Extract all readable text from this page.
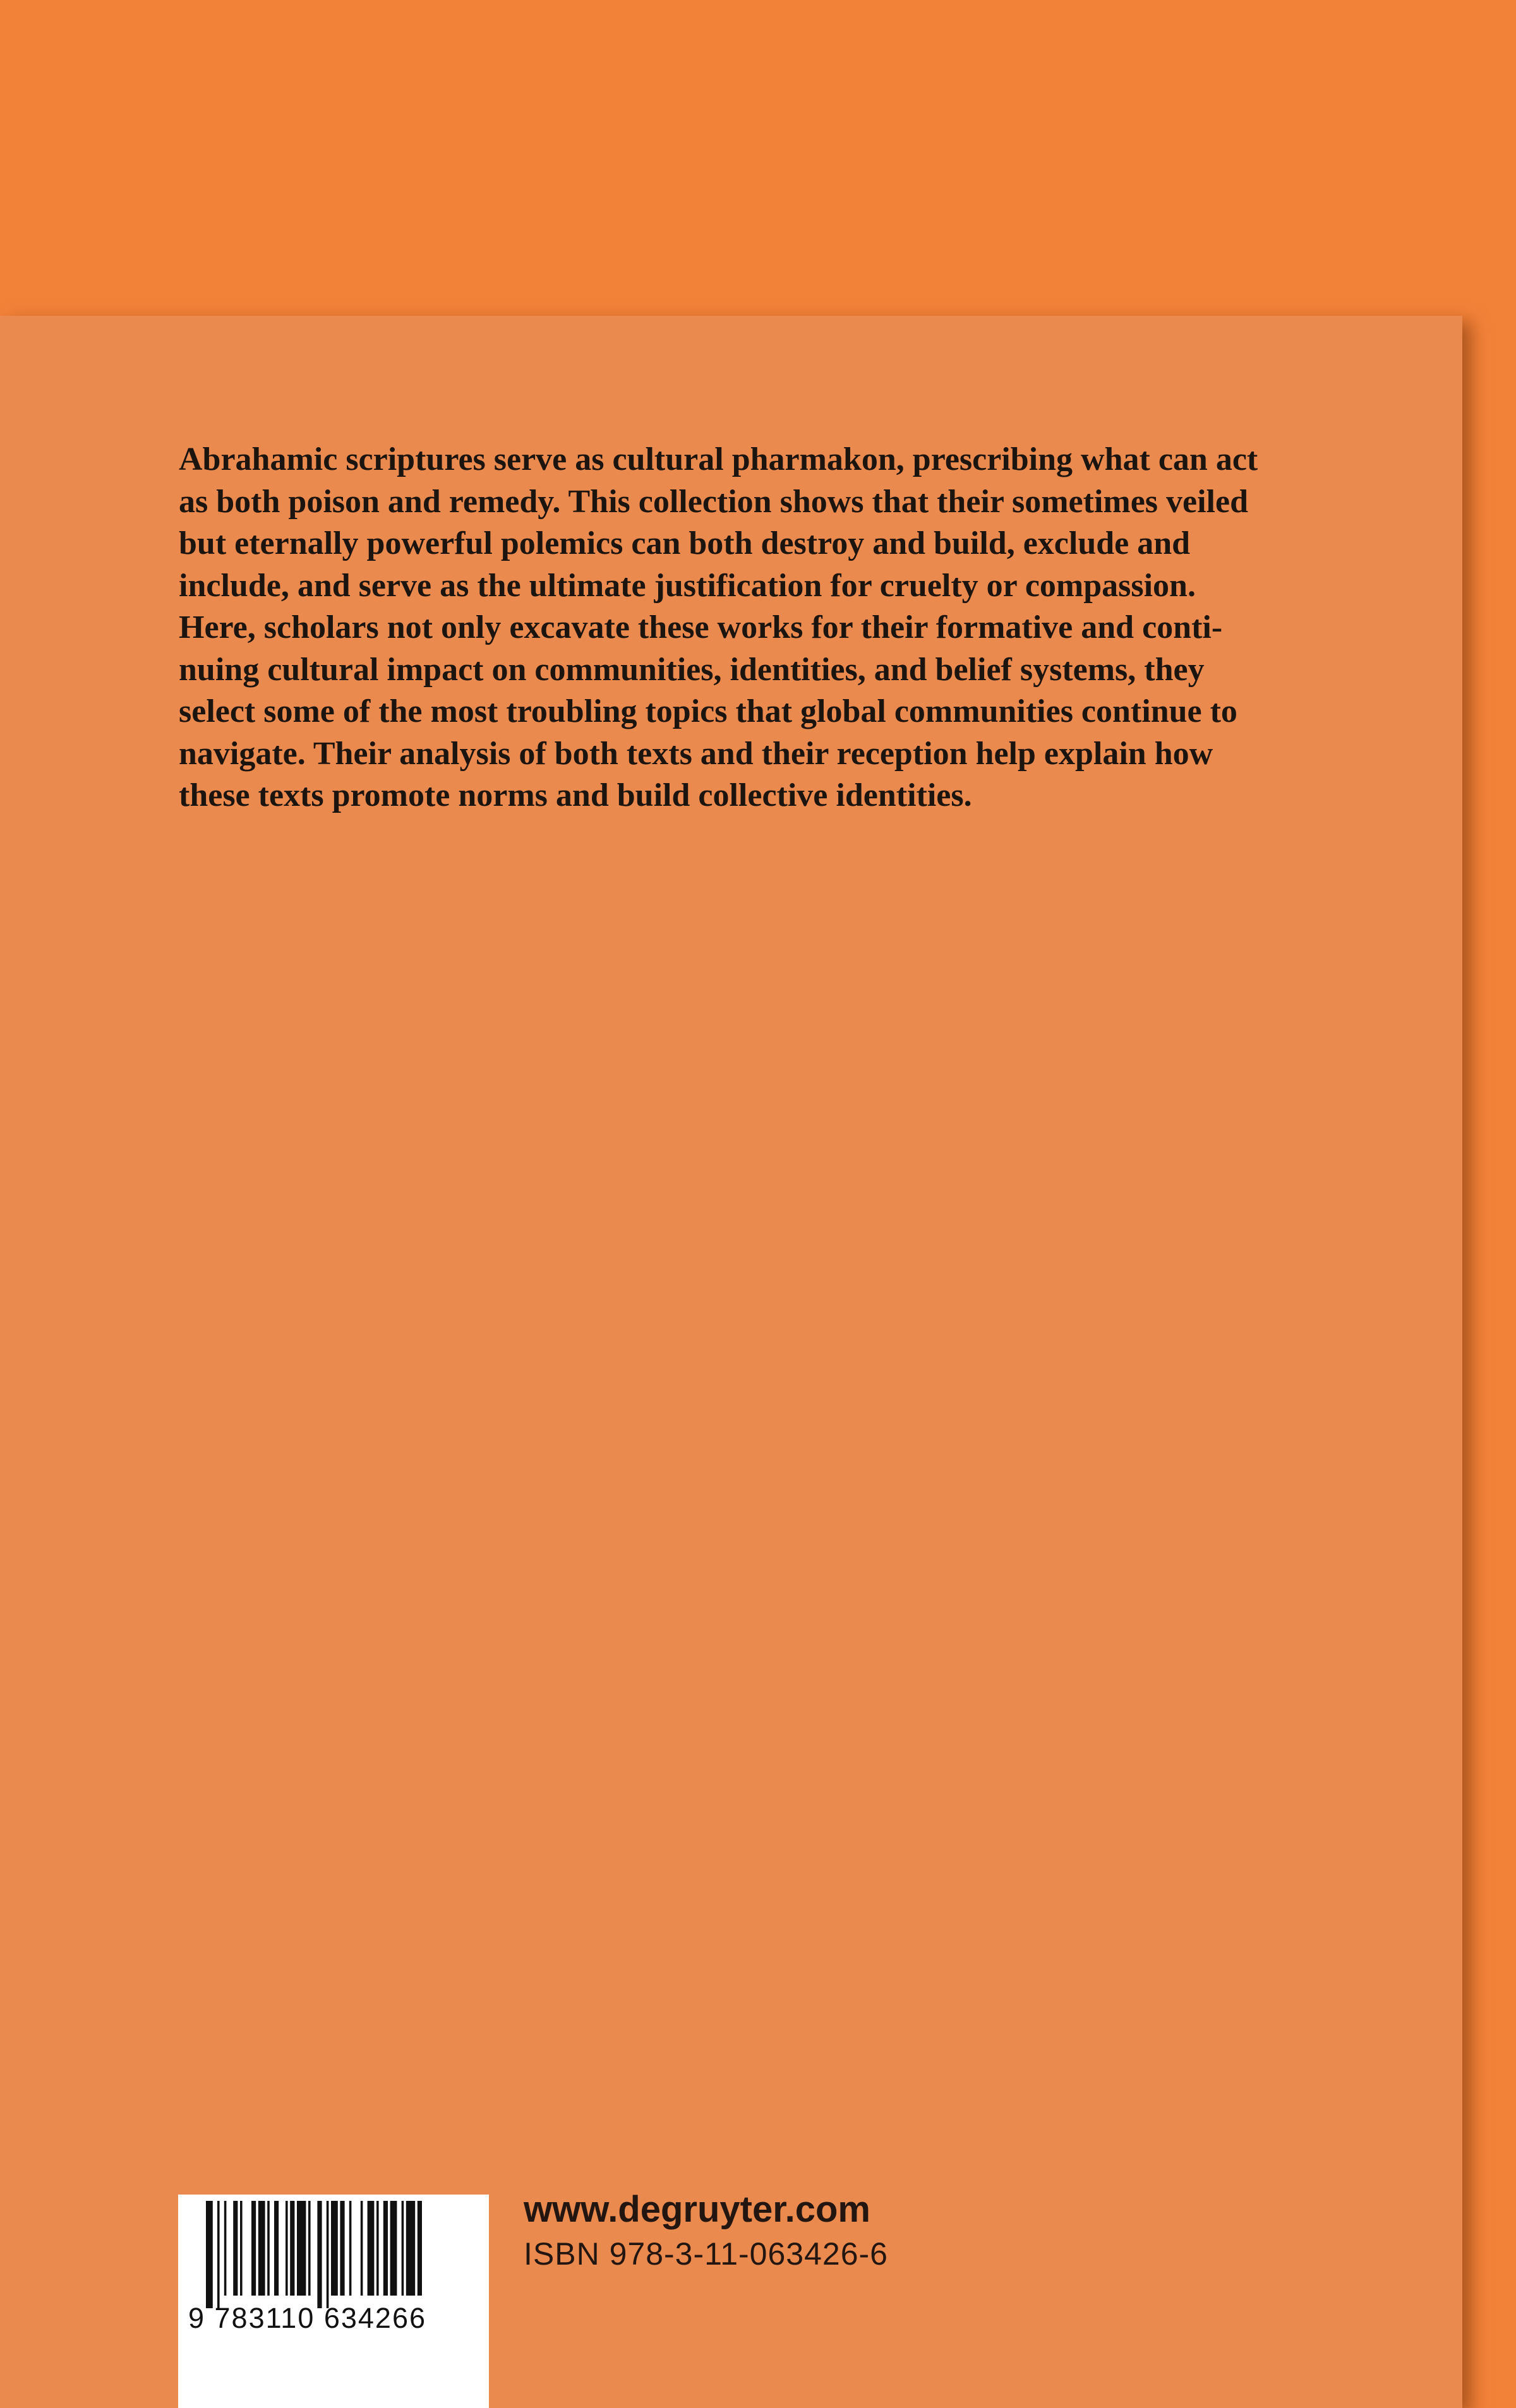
Abrahamic scriptures serve as cultural pharmakon, prescribing what can act
as both poison and remedy. This collection shows that their sometimes veiled
but eternally powerful polemics can both destroy and build, exclude and
include, and serve as the ultimate justification for cruelty or compassion.
Here, scholars not only excavate these works for their formative and conti-
nuing cultural impact on communities, identities, and belief systems, they
select some of the most troubling topics that global communities continue to
navigate. Their analysis of both texts and their reception help explain how
these texts promote norms and build collective identities.

9 783110 634266
www.degruyter.com
ISBN 978-3-11-063426-6
